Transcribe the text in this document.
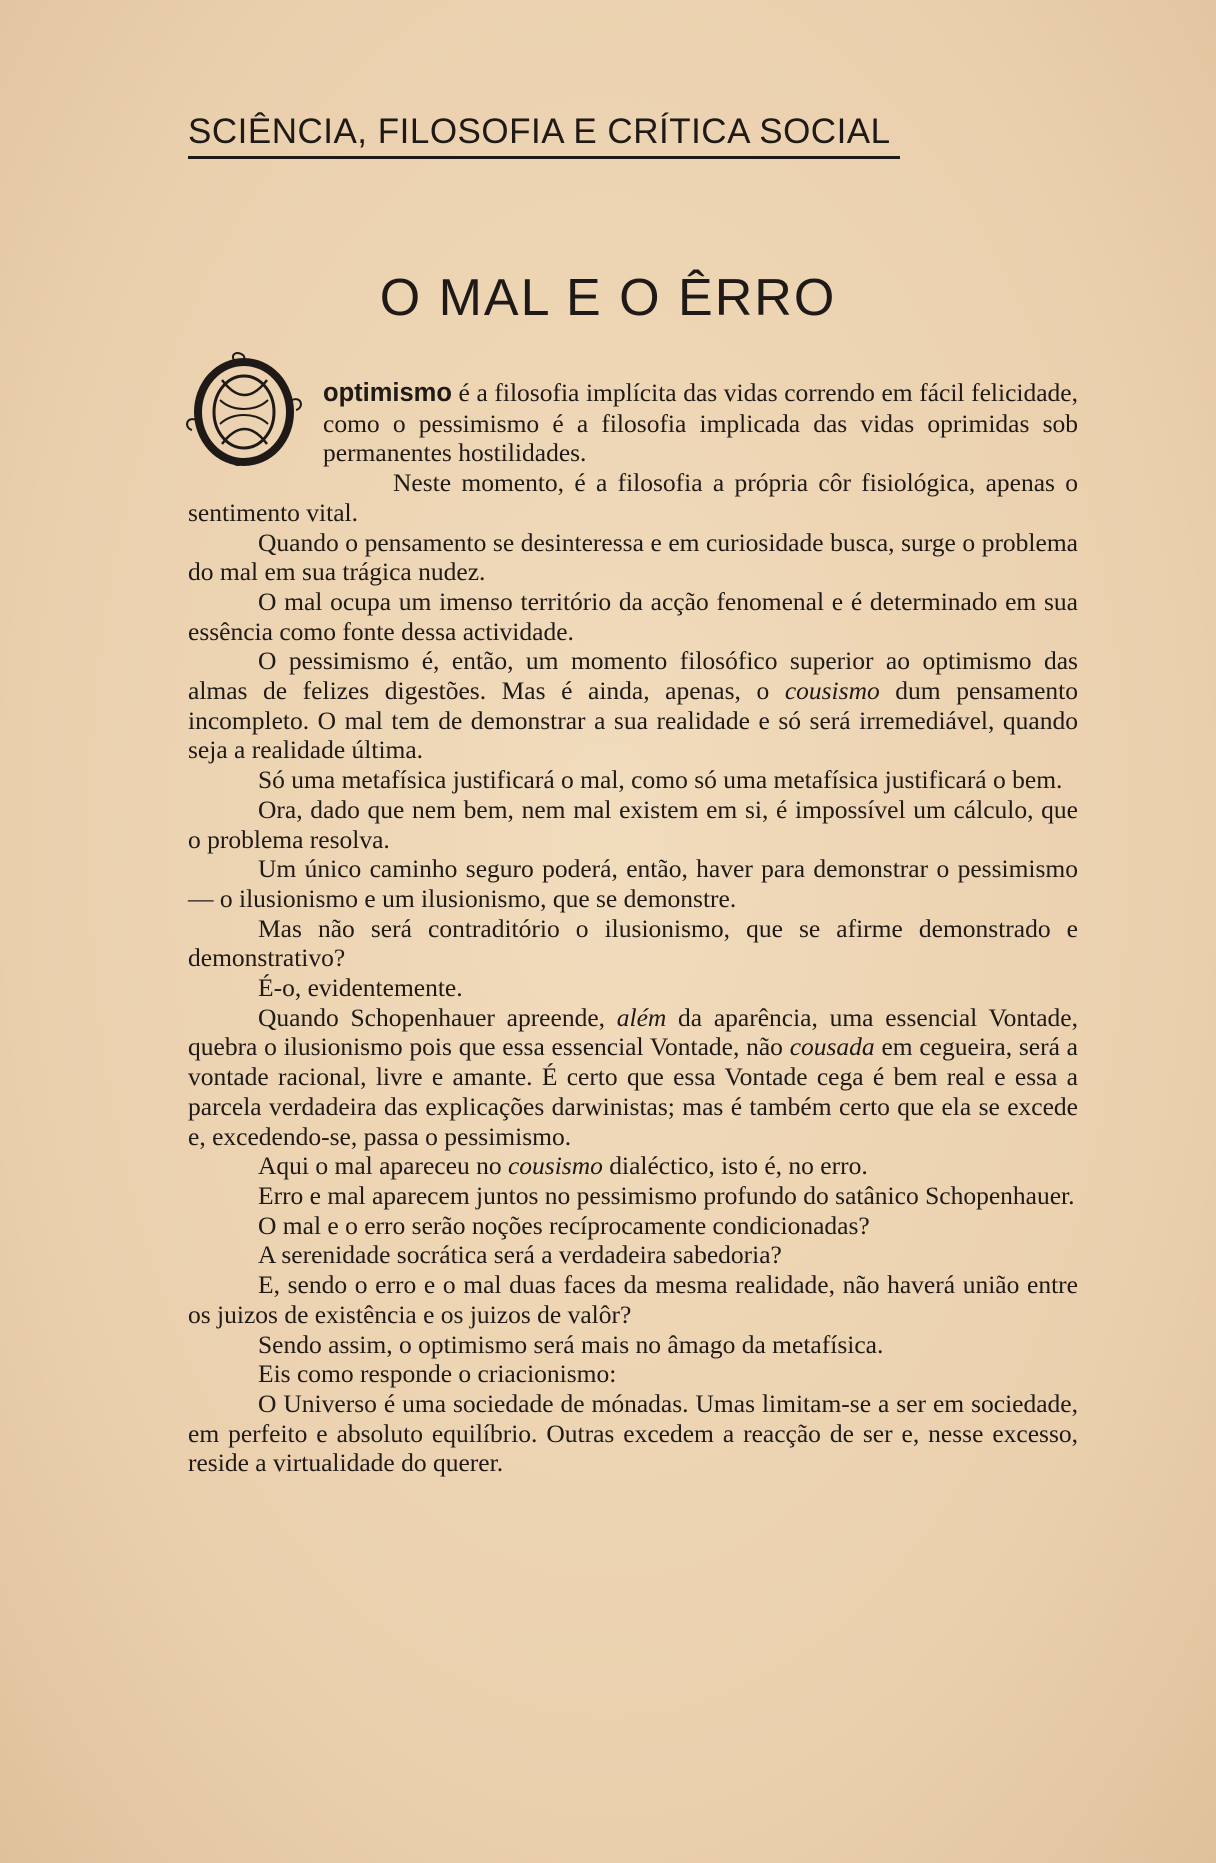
SCIÊNCIA, FILOSOFIA E CRÍTICA SOCIAL
O MAL E O ÊRRO

optimismo é a filosofia implícita das vidas correndo em fácil felicidade, como o pessimismo é a filosofia implicada das vidas oprimidas sob permanentes hostilidades.

Neste momento, é a filosofia a própria côr fisiológica, apenas o sentimento vital.

Quando o pensamento se desinteressa e em curiosidade busca, surge o problema do mal em sua trágica nudez.

O mal ocupa um imenso território da acção fenomenal e é determinado em sua essência como fonte dessa actividade.

O pessimismo é, então, um momento filosófico superior ao optimismo das almas de felizes digestões. Mas é ainda, apenas, o cousismo dum pensamento incompleto. O mal tem de demonstrar a sua realidade e só será irremediável, quando seja a realidade última.

Só uma metafísica justificará o mal, como só uma metafísica justificará o bem.

Ora, dado que nem bem, nem mal existem em si, é impossível um cálculo, que o problema resolva.

Um único caminho seguro poderá, então, haver para demonstrar o pessimismo — o ilusionismo e um ilusionismo, que se demonstre.

Mas não será contraditório o ilusionismo, que se afirme demonstrado e demonstrativo?

É-o, evidentemente.

Quando Schopenhauer apreende, além da aparência, uma essencial Vontade, quebra o ilusionismo pois que essa essencial Vontade, não cousada em cegueira, será a vontade racional, livre e amante. É certo que essa Vontade cega é bem real e essa a parcela verdadeira das explicações darwinistas; mas é também certo que ela se excede e, excedendo-se, passa o pessimismo.

Aqui o mal apareceu no cousismo dialéctico, isto é, no erro.

Erro e mal aparecem juntos no pessimismo profundo do satânico Schopenhauer.

O mal e o erro serão noções recíprocamente condicionadas?

A serenidade socrática será a verdadeira sabedoria?

E, sendo o erro e o mal duas faces da mesma realidade, não haverá união entre os juizos de existência e os juizos de valôr?

Sendo assim, o optimismo será mais no âmago da metafísica.

Eis como responde o criacionismo:

O Universo é uma sociedade de mónadas. Umas limitam-se a ser em sociedade, em perfeito e absoluto equilíbrio. Outras excedem a reacção de ser e, nesse excesso, reside a virtualidade do querer.
